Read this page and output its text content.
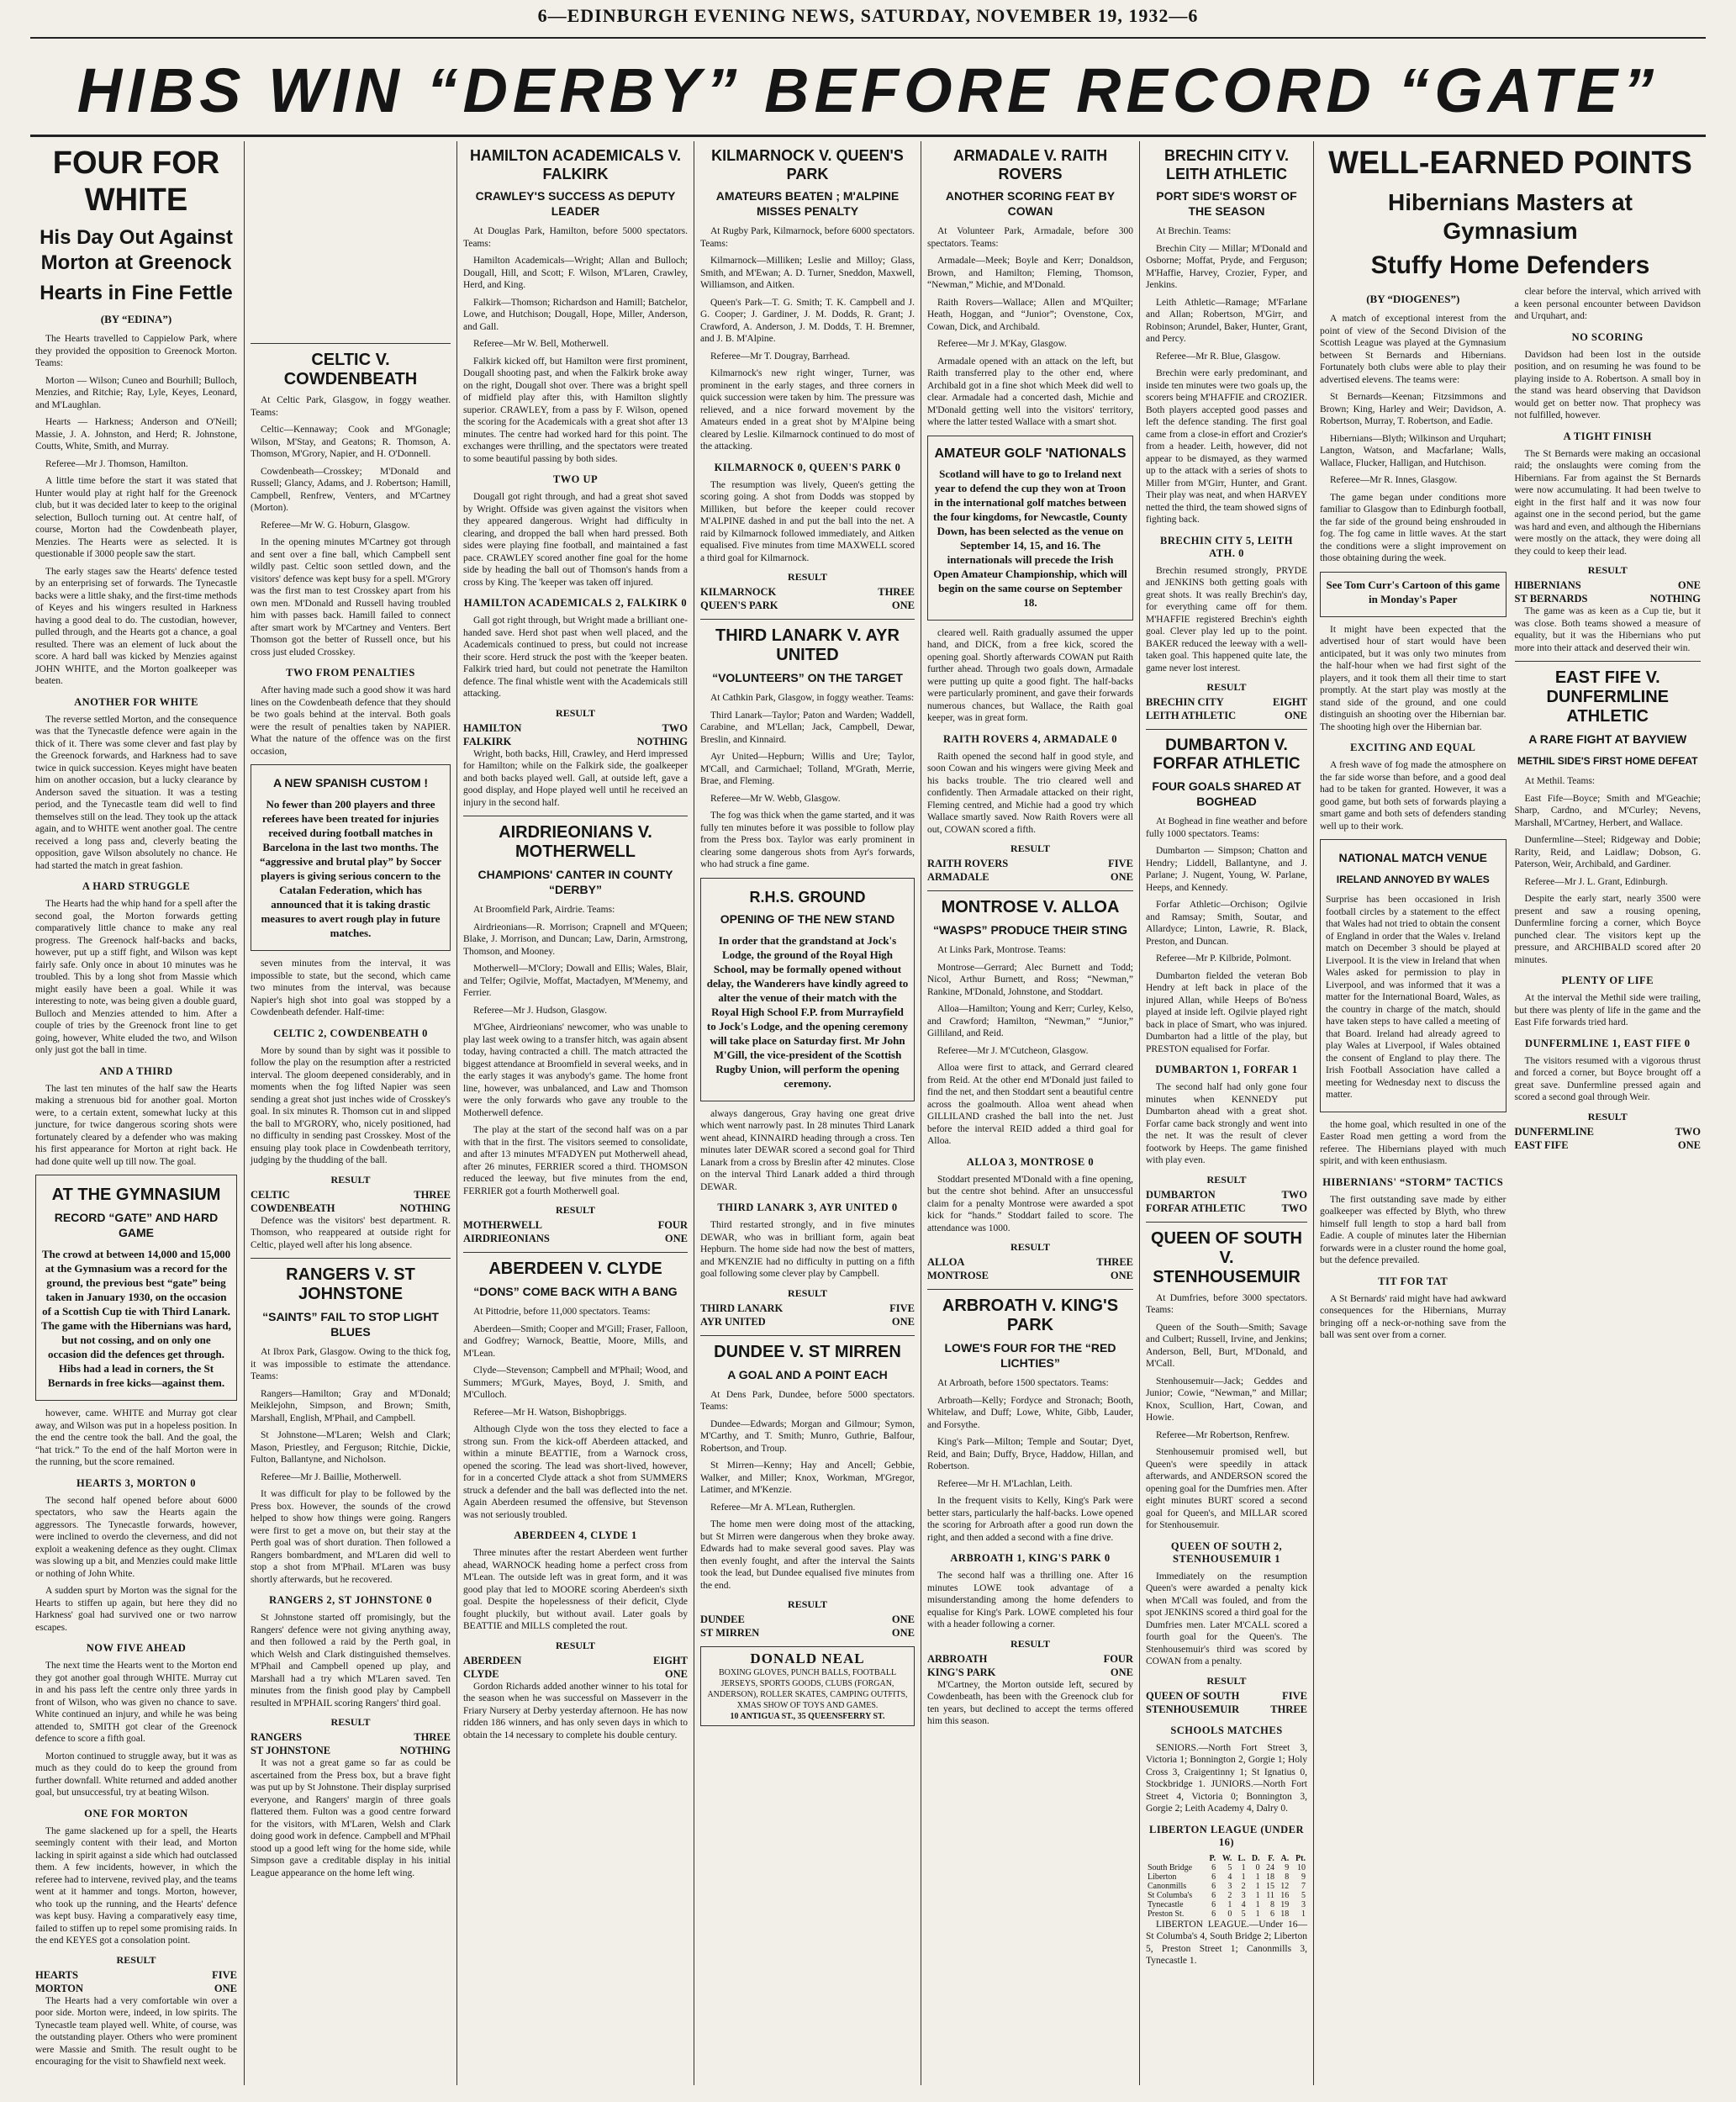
6—EDINBURGH EVENING NEWS, SATURDAY, NOVEMBER 19, 1932—6
HIBS WIN “DERBY” BEFORE RECORD “GATE”
FOUR FOR WHITE
His Day Out Against Morton at Greenock
Hearts in Fine Fettle
(BY “EDINA”)

The Hearts travelled to Cappielow Park, where they provided the opposition to Greenock Morton. Teams:

Morton — Wilson; Cuneo and Bourhill; Bulloch, Menzies, and Ritchie; Ray, Lyle, Keyes, Leonard, and M'Laughlan.

Hearts — Harkness; Anderson and O'Neill; Massie, J. A. Johnston, and Herd; R. Johnstone, Coutts, White, Smith, and Murray.

Referee—Mr J. Thomson, Hamilton.

A little time before the start it was stated that Hunter would play at right half for the Greenock club, but it was decided later to keep to the original selection, Bulloch turning out. At centre half, of course, Morton had the Cowdenbeath player, Menzies. The Hearts were as selected. It is questionable if 3000 people saw the start.

The early stages saw the Hearts' defence tested by an enterprising set of forwards. The Tynecastle backs were a little shaky, and the first-time methods of Keyes and his wingers resulted in Harkness having a good deal to do. The custodian, however, pulled through, and the Hearts got a chance, a goal resulted. There was an element of luck about the score. A hard ball was kicked by Menzies against JOHN WHITE, and the Morton goalkeeper was beaten.

ANOTHER FOR WHITE

The reverse settled Morton, and the consequence was that the Tynecastle defence were again in the thick of it. There was some clever and fast play by the Greenock forwards, and Harkness had to save twice in quick succession. Keyes might have beaten him on another occasion, but a lucky clearance by Anderson saved the situation. It was a testing period, and the Tynecastle team did well to find themselves still on the lead. They took up the attack again, and to WHITE went another goal. The centre received a long pass and, cleverly beating the opposition, gave Wilson absolutely no chance. He had started the match in great fashion.

A HARD STRUGGLE

The Hearts had the whip hand for a spell after the second goal, the Morton forwards getting comparatively little chance to make any real progress. The Greenock half-backs and backs, however, put up a stiff fight, and Wilson was kept fairly safe. Only once in about 10 minutes was he troubled. This by a long shot from Massie which might easily have been a goal. While it was interesting to note, was being given a double guard, Bulloch and Menzies attended to him. After a couple of tries by the Greenock front line to get going, however, White eluded the two, and Wilson only just got the ball in time.

AND A THIRD

The last ten minutes of the half saw the Hearts making a strenuous bid for another goal. Morton were, to a certain extent, somewhat lucky at this juncture, for twice dangerous scoring shots were fortunately cleared by a defender who was making his first appearance for Morton at right back. He had done quite well up till now. The goal.

AT THE GYMNASIUM
RECORD “GATE” AND HARD GAME

The crowd at between 14,000 and 15,000 at the Gymnasium was a record for the ground, the previous best “gate” being taken in January 1930, on the occasion of a Scottish Cup tie with Third Lanark. The game with the Hibernians was hard, but not cossing, and on only one occasion did the defences get through. Hibs had a lead in corners, the St Bernards in free kicks—against them.

however, came. WHITE and Murray got clear away, and Wilson was put in a hopeless position. In the end the centre took the ball. And the goal, the “hat trick.” To the end of the half Morton were in the running, but the score remained.

HEARTS 3, MORTON 0

The second half opened before about 6000 spectators, who saw the Hearts again the aggressors. The Tynecastle forwards, however, were inclined to overdo the cleverness, and did not exploit a weakening defence as they ought. Climax was slowing up a bit, and Menzies could make little or nothing of John White.

A sudden spurt by Morton was the signal for the Hearts to stiffen up again, but here they did no Harkness' goal had survived one or two narrow escapes.

NOW FIVE AHEAD

The next time the Hearts went to the Morton end they got another goal through WHITE. Murray cut in and his pass left the centre only three yards in front of Wilson, who was given no chance to save. White continued an injury, and while he was being attended to, SMITH got clear of the Greenock defence to score a fifth goal.

Morton continued to struggle away, but it was as much as they could do to keep the ground from further downfall. White returned and added another goal, but unsuccessful, try at beating Wilson.

ONE FOR MORTON

The game slackened up for a spell, the Hearts seemingly content with their lead, and Morton lacking in spirit against a side which had outclassed them. A few incidents, however, in which the referee had to intervene, revived play, and the teams went at it hammer and tongs. Morton, however, who took up the running, and the Hearts' defence was kept busy. Having a comparatively easy time, failed to stiffen up to repel some promising raids. In the end KEYES got a consolation point.

RESULT
HEARTS	FIVE
MORTON	ONE

The Hearts had a very comfortable win over a poor side. Morton were, indeed, in low spirits. The Tynecastle team played well. White, of course, was the outstanding player. Others who were prominent were Massie and Smith. The result ought to be encouraging for the visit to Shawfield next week.

CELTIC V. COWDENBEATH

At Celtic Park, Glasgow, in foggy weather. Teams:

Celtic—Kennaway; Cook and M'Gonagle; Wilson, M'Stay, and Geatons; R. Thomson, A. Thomson, M'Grory, Napier, and H. O'Donnell.

Cowdenbeath—Crosskey; M'Donald and Russell; Glancy, Adams, and J. Robertson; Hamill, Campbell, Renfrew, Venters, and M'Cartney (Morton).

Referee—Mr W. G. Hoburn, Glasgow.

In the opening minutes M'Cartney got through and sent over a fine ball, which Campbell sent wildly past. Celtic soon settled down, and the visitors' defence was kept busy for a spell. M'Grory was the first man to test Crosskey apart from his own men. M'Donald and Russell having troubled him with passes back. Hamill failed to connect after smart work by M'Cartney and Venters. Bert Thomson got the better of Russell once, but his cross just eluded Crosskey.

TWO FROM PENALTIES

After having made such a good show it was hard lines on the Cowdenbeath defence that they should be two goals behind at the interval. Both goals were the result of penalties taken by NAPIER. What the nature of the offence was on the first occasion,

A NEW SPANISH CUSTOM !

No fewer than 200 players and three referees have been treated for injuries received during football matches in Barcelona in the last two months. The “aggressive and brutal play” by Soccer players is giving serious concern to the Catalan Federation, which has announced that it is taking drastic measures to avert rough play in future matches.

seven minutes from the interval, it was impossible to state, but the second, which came two minutes from the interval, was because Napier's high shot into goal was stopped by a Cowdenbeath defender. Half-time:

CELTIC 2, COWDENBEATH 0

More by sound than by sight was it possible to follow the play on the resumption after a restricted interval. The gloom deepened considerably, and in moments when the fog lifted Napier was seen sending a great shot just inches wide of Crosskey's goal. In six minutes R. Thomson cut in and slipped the ball to M'GRORY, who, nicely positioned, had no difficulty in sending past Crosskey. Most of the ensuing play took place in Cowdenbeath territory, judging by the thudding of the ball.

RESULT
CELTIC	THREE
COWDENBEATH	NOTHING

Defence was the visitors' best department. R. Thomson, who reappeared at outside right for Celtic, played well after his long absence.

RANGERS V. ST JOHNSTONE
“SAINTS” FAIL TO STOP LIGHT BLUES

At Ibrox Park, Glasgow. Owing to the thick fog, it was impossible to estimate the attendance. Teams:

Rangers—Hamilton; Gray and M'Donald; Meiklejohn, Simpson, and Brown; Smith, Marshall, English, M'Phail, and Campbell.

St Johnstone—M'Laren; Welsh and Clark; Mason, Priestley, and Ferguson; Ritchie, Dickie, Fulton, Ballantyne, and Nicholson.

Referee—Mr J. Baillie, Motherwell.

It was difficult for play to be followed by the Press box. However, the sounds of the crowd helped to show how things were going. Rangers were first to get a move on, but their stay at the Perth goal was of short duration. Then followed a Rangers bombardment, and M'Laren did well to stop a shot from M'Phail. M'Laren was busy shortly afterwards, but he recovered.

RANGERS 2, ST JOHNSTONE 0

St Johnstone started off promisingly, but the Rangers' defence were not giving anything away, and then followed a raid by the Perth goal, in which Welsh and Clark distinguished themselves. M'Phail and Campbell opened up play, and Marshall had a try which M'Laren saved. Ten minutes from the finish good play by Campbell resulted in M'PHAIL scoring Rangers' third goal.

RESULT
RANGERS	THREE
ST JOHNSTONE	NOTHING

It was not a great game so far as could be ascertained from the Press box, but a brave fight was put up by St Johnstone. Their display surprised everyone, and Rangers' margin of three goals flattered them. Fulton was a good centre forward for the visitors, with M'Laren, Welsh and Clark doing good work in defence. Campbell and M'Phail stood up a good left wing for the home side, while Simpson gave a creditable display in his initial League appearance on the home left wing.

HAMILTON ACADEMICALS V. FALKIRK
CRAWLEY'S SUCCESS AS DEPUTY LEADER

At Douglas Park, Hamilton, before 5000 spectators. Teams:

Hamilton Academicals—Wright; Allan and Bulloch; Dougall, Hill, and Scott; F. Wilson, M'Laren, Crawley, Herd, and King.

Falkirk—Thomson; Richardson and Hamill; Batchelor, Lowe, and Hutchison; Dougall, Hope, Miller, Anderson, and Gall.

Referee—Mr W. Bell, Motherwell.

Falkirk kicked off, but Hamilton were first prominent, Dougall shooting past, and when the Falkirk broke away on the right, Dougall shot over. There was a bright spell of midfield play after this, with Hamilton slightly superior. CRAWLEY, from a pass by F. Wilson, opened the scoring for the Academicals with a great shot after 13 minutes. The centre had worked hard for this point. The exchanges were thrilling, and the spectators were treated to some beautiful passing by both sides.

TWO UP

Dougall got right through, and had a great shot saved by Wright. Offside was given against the visitors when they appeared dangerous. Wright had difficulty in clearing, and dropped the ball when hard pressed. Both sides were playing fine football, and maintained a fast pace. CRAWLEY scored another fine goal for the home side by heading the ball out of Thomson's hands from a cross by King. The 'keeper was taken off injured.

HAMILTON ACADEMICALS 2, FALKIRK 0

Gall got right through, but Wright made a brilliant one-handed save. Herd shot past when well placed, and the Academicals continued to press, but could not increase their score. Herd struck the post with the 'keeper beaten. Falkirk tried hard, but could not penetrate the Hamilton defence. The final whistle went with the Academicals still attacking.

RESULT
HAMILTON	TWO
FALKIRK	NOTHING

Wright, both backs, Hill, Crawley, and Herd impressed for Hamilton; while on the Falkirk side, the goalkeeper and both backs played well. Gall, at outside left, gave a good display, and Hope played well until he received an injury in the second half.

AIRDRIEONIANS V. MOTHERWELL
CHAMPIONS' CANTER IN COUNTY “DERBY”

At Broomfield Park, Airdrie. Teams:

Airdrieonians—R. Morrison; Crapnell and M'Queen; Blake, J. Morrison, and Duncan; Law, Darin, Armstrong, Thomson, and Mooney.

Motherwell—M'Clory; Dowall and Ellis; Wales, Blair, and Telfer; Ogilvie, Moffat, Mactadyen, M'Menemy, and Ferrier.

Referee—Mr J. Hudson, Glasgow.

M'Ghee, Airdrieonians' newcomer, who was unable to play last week owing to a transfer hitch, was again absent today, having contracted a chill. The match attracted the biggest attendance at Broomfield in several weeks, and in the early stages it was anybody's game. The home front line, however, was unbalanced, and Law and Thomson were the only forwards who gave any trouble to the Motherwell defence.

The play at the start of the second half was on a par with that in the first. The visitors seemed to consolidate, and after 13 minutes M'FADYEN put Motherwell ahead, after 26 minutes, FERRIER scored a third. THOMSON reduced the leeway, but five minutes from the end, FERRIER got a fourth Motherwell goal.

RESULT
MOTHERWELL	FOUR
AIRDRIEONIANS	ONE
ABERDEEN V. CLYDE
“DONS” COME BACK WITH A BANG

At Pittodrie, before 11,000 spectators. Teams:

Aberdeen—Smith; Cooper and M'Gill; Fraser, Falloon, and Godfrey; Warnock, Beattie, Moore, Mills, and M'Lean.

Clyde—Stevenson; Campbell and M'Phail; Wood, and Summers; M'Gurk, Mayes, Boyd, J. Smith, and M'Culloch.

Referee—Mr H. Watson, Bishopbriggs.

Although Clyde won the toss they elected to face a strong sun. From the kick-off Aberdeen attacked, and within a minute BEATTIE, from a Warnock cross, opened the scoring. The lead was short-lived, however, for in a concerted Clyde attack a shot from SUMMERS struck a defender and the ball was deflected into the net. Again Aberdeen resumed the offensive, but Stevenson was not seriously troubled.

ABERDEEN 4, CLYDE 1

Three minutes after the restart Aberdeen went further ahead, WARNOCK heading home a perfect cross from M'Lean. The outside left was in great form, and it was good play that led to MOORE scoring Aberdeen's sixth goal. Despite the hopelessness of their deficit, Clyde fought pluckily, but without avail. Later goals by BEATTIE and MILLS completed the rout.

RESULT
ABERDEEN	EIGHT
CLYDE	ONE

Gordon Richards added another winner to his total for the season when he was successful on Masseverr in the Friary Nursery at Derby yesterday afternoon. He has now ridden 186 winners, and has only seven days in which to obtain the 14 necessary to complete his double century.

KILMARNOCK V. QUEEN'S PARK
AMATEURS BEATEN ; M'ALPINE MISSES PENALTY

At Rugby Park, Kilmarnock, before 6000 spectators. Teams:

Kilmarnock—Milliken; Leslie and Milloy; Glass, Smith, and M'Ewan; A. D. Turner, Sneddon, Maxwell, Williamson, and Aitken.

Queen's Park—T. G. Smith; T. K. Campbell and J. G. Cooper; J. Gardiner, J. M. Dodds, R. Grant; J. Crawford, A. Anderson, J. M. Dodds, T. H. Bremner, and J. B. M'Alpine.

Referee—Mr T. Dougray, Barrhead.

Kilmarnock's new right winger, Turner, was prominent in the early stages, and three corners in quick succession were taken by him. The pressure was relieved, and a nice forward movement by the Amateurs ended in a great shot by M'Alpine being cleared by Leslie. Kilmarnock continued to do most of the attacking.

KILMARNOCK 0, QUEEN'S PARK 0

The resumption was lively, Queen's getting the scoring going. A shot from Dodds was stopped by Milliken, but before the keeper could recover M'ALPINE dashed in and put the ball into the net. A raid by Kilmarnock followed immediately, and Aitken equalised. Five minutes from time MAXWELL scored a third goal for Kilmarnock.

RESULT
KILMARNOCK	THREE
QUEEN'S PARK	ONE
THIRD LANARK V. AYR UNITED
“VOLUNTEERS” ON THE TARGET

At Cathkin Park, Glasgow, in foggy weather. Teams:

Third Lanark—Taylor; Paton and Warden; Waddell, Carabine, and M'Lellan; Jack, Campbell, Dewar, Breslin, and Kinnaird.

Ayr United—Hepburn; Willis and Ure; Taylor, M'Call, and Carmichael; Tolland, M'Grath, Merrie, Brae, and Fleming.

Referee—Mr W. Webb, Glasgow.

The fog was thick when the game started, and it was fully ten minutes before it was possible to follow play from the Press box. Taylor was early prominent in clearing some dangerous shots from Ayr's forwards, who had struck a fine game.

R.H.S. GROUND
OPENING OF THE NEW STAND

In order that the grandstand at Jock's Lodge, the ground of the Royal High School, may be formally opened without delay, the Wanderers have kindly agreed to alter the venue of their match with the Royal High School F.P. from Murrayfield to Jock's Lodge, and the opening ceremony will take place on Saturday first. Mr John M'Gill, the vice-president of the Scottish Rugby Union, will perform the opening ceremony.

always dangerous, Gray having one great drive which went narrowly past. In 28 minutes Third Lanark went ahead, KINNAIRD heading through a cross. Ten minutes later DEWAR scored a second goal for Third Lanark from a cross by Breslin after 42 minutes. Close on the interval Third Lanark added a third through DEWAR.

THIRD LANARK 3, AYR UNITED 0

Third restarted strongly, and in five minutes DEWAR, who was in brilliant form, again beat Hepburn. The home side had now the best of matters, and M'KENZIE had no difficulty in putting on a fifth goal following some clever play by Campbell.

RESULT
THIRD LANARK	FIVE
AYR UNITED	ONE
DUNDEE V. ST MIRREN
A GOAL AND A POINT EACH

At Dens Park, Dundee, before 5000 spectators. Teams:

Dundee—Edwards; Morgan and Gilmour; Symon, M'Carthy, and T. Smith; Munro, Guthrie, Balfour, Robertson, and Troup.

St Mirren—Kenny; Hay and Ancell; Gebbie, Walker, and Miller; Knox, Workman, M'Gregor, Latimer, and M'Kenzie.

Referee—Mr A. M'Lean, Rutherglen.

The home men were doing most of the attacking, but St Mirren were dangerous when they broke away. Edwards had to make several good saves. Play was then evenly fought, and after the interval the Saints took the lead, but Dundee equalised five minutes from the end.

RESULT
DUNDEE	ONE
ST MIRREN	ONE
DONALD NEAL
BOXING GLOVES, PUNCH BALLS, FOOTBALL JERSEYS, SPORTS GOODS, CLUBS (FORGAN, ANDERSON), ROLLER SKATES, CAMPING OUTFITS, XMAS SHOW OF TOYS AND GAMES.
10 ANTIGUA ST., 35 QUEENSFERRY ST.
ARMADALE V. RAITH ROVERS
ANOTHER SCORING FEAT BY COWAN

At Volunteer Park, Armadale, before 300 spectators. Teams:

Armadale—Meek; Boyle and Kerr; Donaldson, Brown, and Hamilton; Fleming, Thomson, “Newman,” Michie, and M'Donald.

Raith Rovers—Wallace; Allen and M'Quilter; Heath, Hoggan, and “Junior”; Ovenstone, Cox, Cowan, Dick, and Archibald.

Referee—Mr J. M'Kay, Glasgow.

Armadale opened with an attack on the left, but Raith transferred play to the other end, where Archibald got in a fine shot which Meek did well to clear. Armadale had a concerted dash, Michie and M'Donald getting well into the visitors' territory, where the latter tested Wallace with a smart shot.

AMATEUR GOLF 'NATIONALS

Scotland will have to go to Ireland next year to defend the cup they won at Troon in the international golf matches between the four kingdoms, for Newcastle, County Down, has been selected as the venue on September 14, 15, and 16. The internationals will precede the Irish Open Amateur Championship, which will begin on the same course on September 18.

cleared well. Raith gradually assumed the upper hand, and DICK, from a free kick, scored the opening goal. Shortly afterwards COWAN put Raith further ahead. Through two goals down, Armadale were putting up quite a good fight. The half-backs were particularly prominent, and gave their forwards numerous chances, but Wallace, the Raith goal keeper, was in great form.

RAITH ROVERS 4, ARMADALE 0

Raith opened the second half in good style, and soon Cowan and his wingers were giving Meek and his backs trouble. The trio cleared well and confidently. Then Armadale attacked on their right, Fleming centred, and Michie had a good try which Wallace smartly saved. Now Raith Rovers were all out, COWAN scored a fifth.

RESULT
RAITH ROVERS	FIVE
ARMADALE	ONE
MONTROSE V. ALLOA
“WASPS” PRODUCE THEIR STING

At Links Park, Montrose. Teams:

Montrose—Gerrard; Alec Burnett and Todd; Nicol, Arthur Burnett, and Ross; “Newman,” Rankine, M'Donald, Johnstone, and Stoddart.

Alloa—Hamilton; Young and Kerr; Curley, Kelso, and Crawford; Hamilton, “Newman,” “Junior,” Gilliland, and Reid.

Referee—Mr J. M'Cutcheon, Glasgow.

Alloa were first to attack, and Gerrard cleared from Reid. At the other end M'Donald just failed to find the net, and then Stoddart sent a beautiful centre across the goalmouth. Alloa went ahead when GILLILAND crashed the ball into the net. Just before the interval REID added a third goal for Alloa.

ALLOA 3, MONTROSE 0

Stoddart presented M'Donald with a fine opening, but the centre shot behind. After an unsuccessful claim for a penalty Montrose were awarded a spot kick for “hands.” Stoddart failed to score. The attendance was 1000.

RESULT
ALLOA	THREE
MONTROSE	ONE
ARBROATH V. KING'S PARK
LOWE'S FOUR FOR THE “RED LICHTIES”

At Arbroath, before 1500 spectators. Teams:

Arbroath—Kelly; Fordyce and Stronach; Booth, Whitelaw, and Duff; Lowe, White, Gibb, Lauder, and Forsythe.

King's Park—Milton; Temple and Soutar; Dyet, Reid, and Bain; Duffy, Bryce, Haddow, Hillan, and Robertson.

Referee—Mr H. M'Lachlan, Leith.

In the frequent visits to Kelly, King's Park were better stars, particularly the half-backs. Lowe opened the scoring for Arbroath after a good run down the right, and then added a second with a fine drive.

ARBROATH 1, KING'S PARK 0

The second half was a thrilling one. After 16 minutes LOWE took advantage of a misunderstanding among the home defenders to equalise for King's Park. LOWE completed his four with a header following a corner.

RESULT
ARBROATH	FOUR
KING'S PARK	ONE

M'Cartney, the Morton outside left, secured by Cowdenbeath, has been with the Greenock club for ten years, but declined to accept the terms offered him this season.

BRECHIN CITY V. LEITH ATHLETIC
PORT SIDE'S WORST OF THE SEASON

At Brechin. Teams:

Brechin City — Millar; M'Donald and Osborne; Moffat, Pryde, and Ferguson; M'Haffie, Harvey, Crozier, Fyper, and Jenkins.

Leith Athletic—Ramage; M'Farlane and Allan; Robertson, M'Girr, and Robinson; Arundel, Baker, Hunter, Grant, and Percy.

Referee—Mr R. Blue, Glasgow.

Brechin were early predominant, and inside ten minutes were two goals up, the scorers being M'HAFFIE and CROZIER. Both players accepted good passes and left the defence standing. The first goal came from a close-in effort and Crozier's from a header. Leith, however, did not appear to be dismayed, as they warmed up to the attack with a series of shots to Miller from M'Girr, Hunter, and Grant. Their play was neat, and when HARVEY netted the third, the team showed signs of fighting back.

BRECHIN CITY 5, LEITH ATH. 0

Brechin resumed strongly, PRYDE and JENKINS both getting goals with great shots. It was really Brechin's day, for everything came off for them. M'HAFFIE registered Brechin's eighth goal. Clever play led up to the point. BAKER reduced the leeway with a well-taken goal. This happened quite late, the game never lost interest.

RESULT
BRECHIN CITY	EIGHT
LEITH ATHLETIC	ONE
DUMBARTON V. FORFAR ATHLETIC
FOUR GOALS SHARED AT BOGHEAD

At Boghead in fine weather and before fully 1000 spectators. Teams:

Dumbarton — Simpson; Chatton and Hendry; Liddell, Ballantyne, and J. Parlane; J. Nugent, Young, W. Parlane, Heeps, and Kennedy.

Forfar Athletic—Orchison; Ogilvie and Ramsay; Smith, Soutar, and Allardyce; Linton, Lawrie, R. Black, Preston, and Duncan.

Referee—Mr P. Kilbride, Polmont.

Dumbarton fielded the veteran Bob Hendry at left back in place of the injured Allan, while Heeps of Bo'ness played at inside left. Ogilvie played right back in place of Smart, who was injured. Dumbarton had a little of the play, but PRESTON equalised for Forfar.

DUMBARTON 1, FORFAR 1

The second half had only gone four minutes when KENNEDY put Dumbarton ahead with a great shot. Forfar came back strongly and went into the net. It was the result of clever footwork by Heeps. The game finished with play even.

RESULT
DUMBARTON	TWO
FORFAR ATHLETIC	TWO
QUEEN OF SOUTH V. STENHOUSEMUIR

At Dumfries, before 3000 spectators. Teams:

Queen of the South—Smith; Savage and Culbert; Russell, Irvine, and Jenkins; Anderson, Bell, Burt, M'Donald, and M'Call.

Stenhousemuir—Jack; Geddes and Junior; Cowie, “Newman,” and Millar; Knox, Scullion, Hart, Cowan, and Howie.

Referee—Mr Robertson, Renfrew.

Stenhousemuir promised well, but Queen's were speedily in attack afterwards, and ANDERSON scored the opening goal for the Dumfries men. After eight minutes BURT scored a second goal for Queen's, and MILLAR scored for Stenhousemuir.

QUEEN OF SOUTH 2, STENHOUSEMUIR 1

Immediately on the resumption Queen's were awarded a penalty kick when M'Call was fouled, and from the spot JENKINS scored a third goal for the Dumfries men. Later M'CALL scored a fourth goal for the Queen's. The Stenhousemuir's third was scored by COWAN from a penalty.

RESULT
QUEEN OF SOUTH	FIVE
STENHOUSEMUIR	THREE
SCHOOLS MATCHES

SENIORS.—North Fort Street 3, Victoria 1; Bonnington 2, Gorgie 1; Holy Cross 3, Craigentinny 1; St Ignatius 0, Stockbridge 1. JUNIORS.—North Fort Street 4, Victoria 0; Bonnington 3, Gorgie 2; Leith Academy 4, Dalry 0.

LIBERTON LEAGUE (UNDER 16)
	P.	W.	L.	D.	F.	A.	Pt.
South Bridge	6	5	1	0	24	9	10
Liberton	6	4	1	1	18	8	9
Canonmills	6	3	2	1	15	12	7
St Columba's	6	2	3	1	11	16	5
Tynecastle	6	1	4	1	8	19	3
Preston St.	6	0	5	1	6	18	1

LIBERTON LEAGUE.—Under 16—St Columba's 4, South Bridge 2; Liberton 5, Preston Street 1; Canonmills 3, Tynecastle 1.

WELL-EARNED POINTS
Hibernians Masters at Gymnasium
Stuffy Home Defenders
(BY “DIOGENES”)

A match of exceptional interest from the point of view of the Second Division of the Scottish League was played at the Gymnasium between St Bernards and Hibernians. Fortunately both clubs were able to play their advertised elevens. The teams were:

St Bernards—Keenan; Fitzsimmons and Brown; King, Harley and Weir; Davidson, A. Robertson, Murray, T. Robertson, and Eadie.

Hibernians—Blyth; Wilkinson and Urquhart; Langton, Watson, and Macfarlane; Walls, Wallace, Flucker, Halligan, and Hutchison.

Referee—Mr R. Innes, Glasgow.

The game began under conditions more familiar to Glasgow than to Edinburgh football, the far side of the ground being enshrouded in fog. The fog came in little waves. At the start the conditions were a slight improvement on those obtaining during the week.

See Tom Curr's Cartoon of this game in Monday's Paper

It might have been expected that the advertised hour of start would have been anticipated, but it was only two minutes from the half-hour when we had first sight of the players, and it took them all their time to start promptly. At the start play was mostly at the stand side of the ground, and one could distinguish an shooting over the Hibernian bar. The shooting high over the Hibernian bar.

EXCITING AND EQUAL

A fresh wave of fog made the atmosphere on the far side worse than before, and a good deal had to be taken for granted. However, it was a good game, but both sets of forwards playing a smart game and both sets of defenders standing well up to their work.

NATIONAL MATCH VENUE
IRELAND ANNOYED BY WALES

Surprise has been occasioned in Irish football circles by a statement to the effect that Wales had not tried to obtain the consent of England in order that the Wales v. Ireland match on December 3 should be played at Liverpool. It is the view in Ireland that when Wales asked for permission to play in Liverpool, and was informed that it was a matter for the International Board, Wales, as the country in charge of the match, should have taken steps to have called a meeting of that Board. Ireland had already agreed to play Wales at Liverpool, if Wales obtained the consent of England to play there. The Irish Football Association have called a meeting for Wednesday next to discuss the matter.

the home goal, which resulted in one of the Easter Road men getting a word from the referee. The Hibernians played with much spirit, and with keen enthusiasm.

HIBERNIANS' “STORM” TACTICS

The first outstanding save made by either goalkeeper was effected by Blyth, who threw himself full length to stop a hard ball from Eadie. A couple of minutes later the Hibernian forwards were in a cluster round the home goal, but the defence prevailed.

TIT FOR TAT

A St Bernards' raid might have had awkward consequences for the Hibernians, Murray bringing off a neck-or-nothing save from the ball was sent over from a corner.

clear before the interval, which arrived with a keen personal encounter between Davidson and Urquhart, and:

NO SCORING

Davidson had been lost in the outside position, and on resuming he was found to be playing inside to A. Robertson. A small boy in the stand was heard observing that Davidson would get on better now. That prophecy was not fulfilled, however.

A TIGHT FINISH

The St Bernards were making an occasional raid; the onslaughts were coming from the Hibernians. Far from against the St Bernards were now accumulating. It had been twelve to eight in the first half and it was now four against one in the second period, but the game was hard and even, and although the Hibernians were mostly on the attack, they were doing all they could to keep their lead.

RESULT
HIBERNIANS	ONE
ST BERNARDS	NOTHING

The game was as keen as a Cup tie, but it was close. Both teams showed a measure of equality, but it was the Hibernians who put more into their attack and deserved their win.

EAST FIFE V. DUNFERMLINE ATHLETIC
A RARE FIGHT AT BAYVIEW
METHIL SIDE'S FIRST HOME DEFEAT

At Methil. Teams:

East Fife—Boyce; Smith and M'Geachie; Sharp, Cardno, and M'Curley; Nevens, Marshall, M'Cartney, Herbert, and Wallace.

Dunfermline—Steel; Ridgeway and Dobie; Rarity, Reid, and Laidlaw; Dobson, G. Paterson, Weir, Archibald, and Gardiner.

Referee—Mr J. L. Grant, Edinburgh.

Despite the early start, nearly 3500 were present and saw a rousing opening, Dunfermline forcing a corner, which Boyce punched clear. The visitors kept up the pressure, and ARCHIBALD scored after 20 minutes.

PLENTY OF LIFE

At the interval the Methil side were trailing, but there was plenty of life in the game and the East Fife forwards tried hard.

DUNFERMLINE 1, EAST FIFE 0

The visitors resumed with a vigorous thrust and forced a corner, but Boyce brought off a great save. Dunfermline pressed again and scored a second goal through Weir.

RESULT
DUNFERMLINE	TWO
EAST FIFE	ONE
